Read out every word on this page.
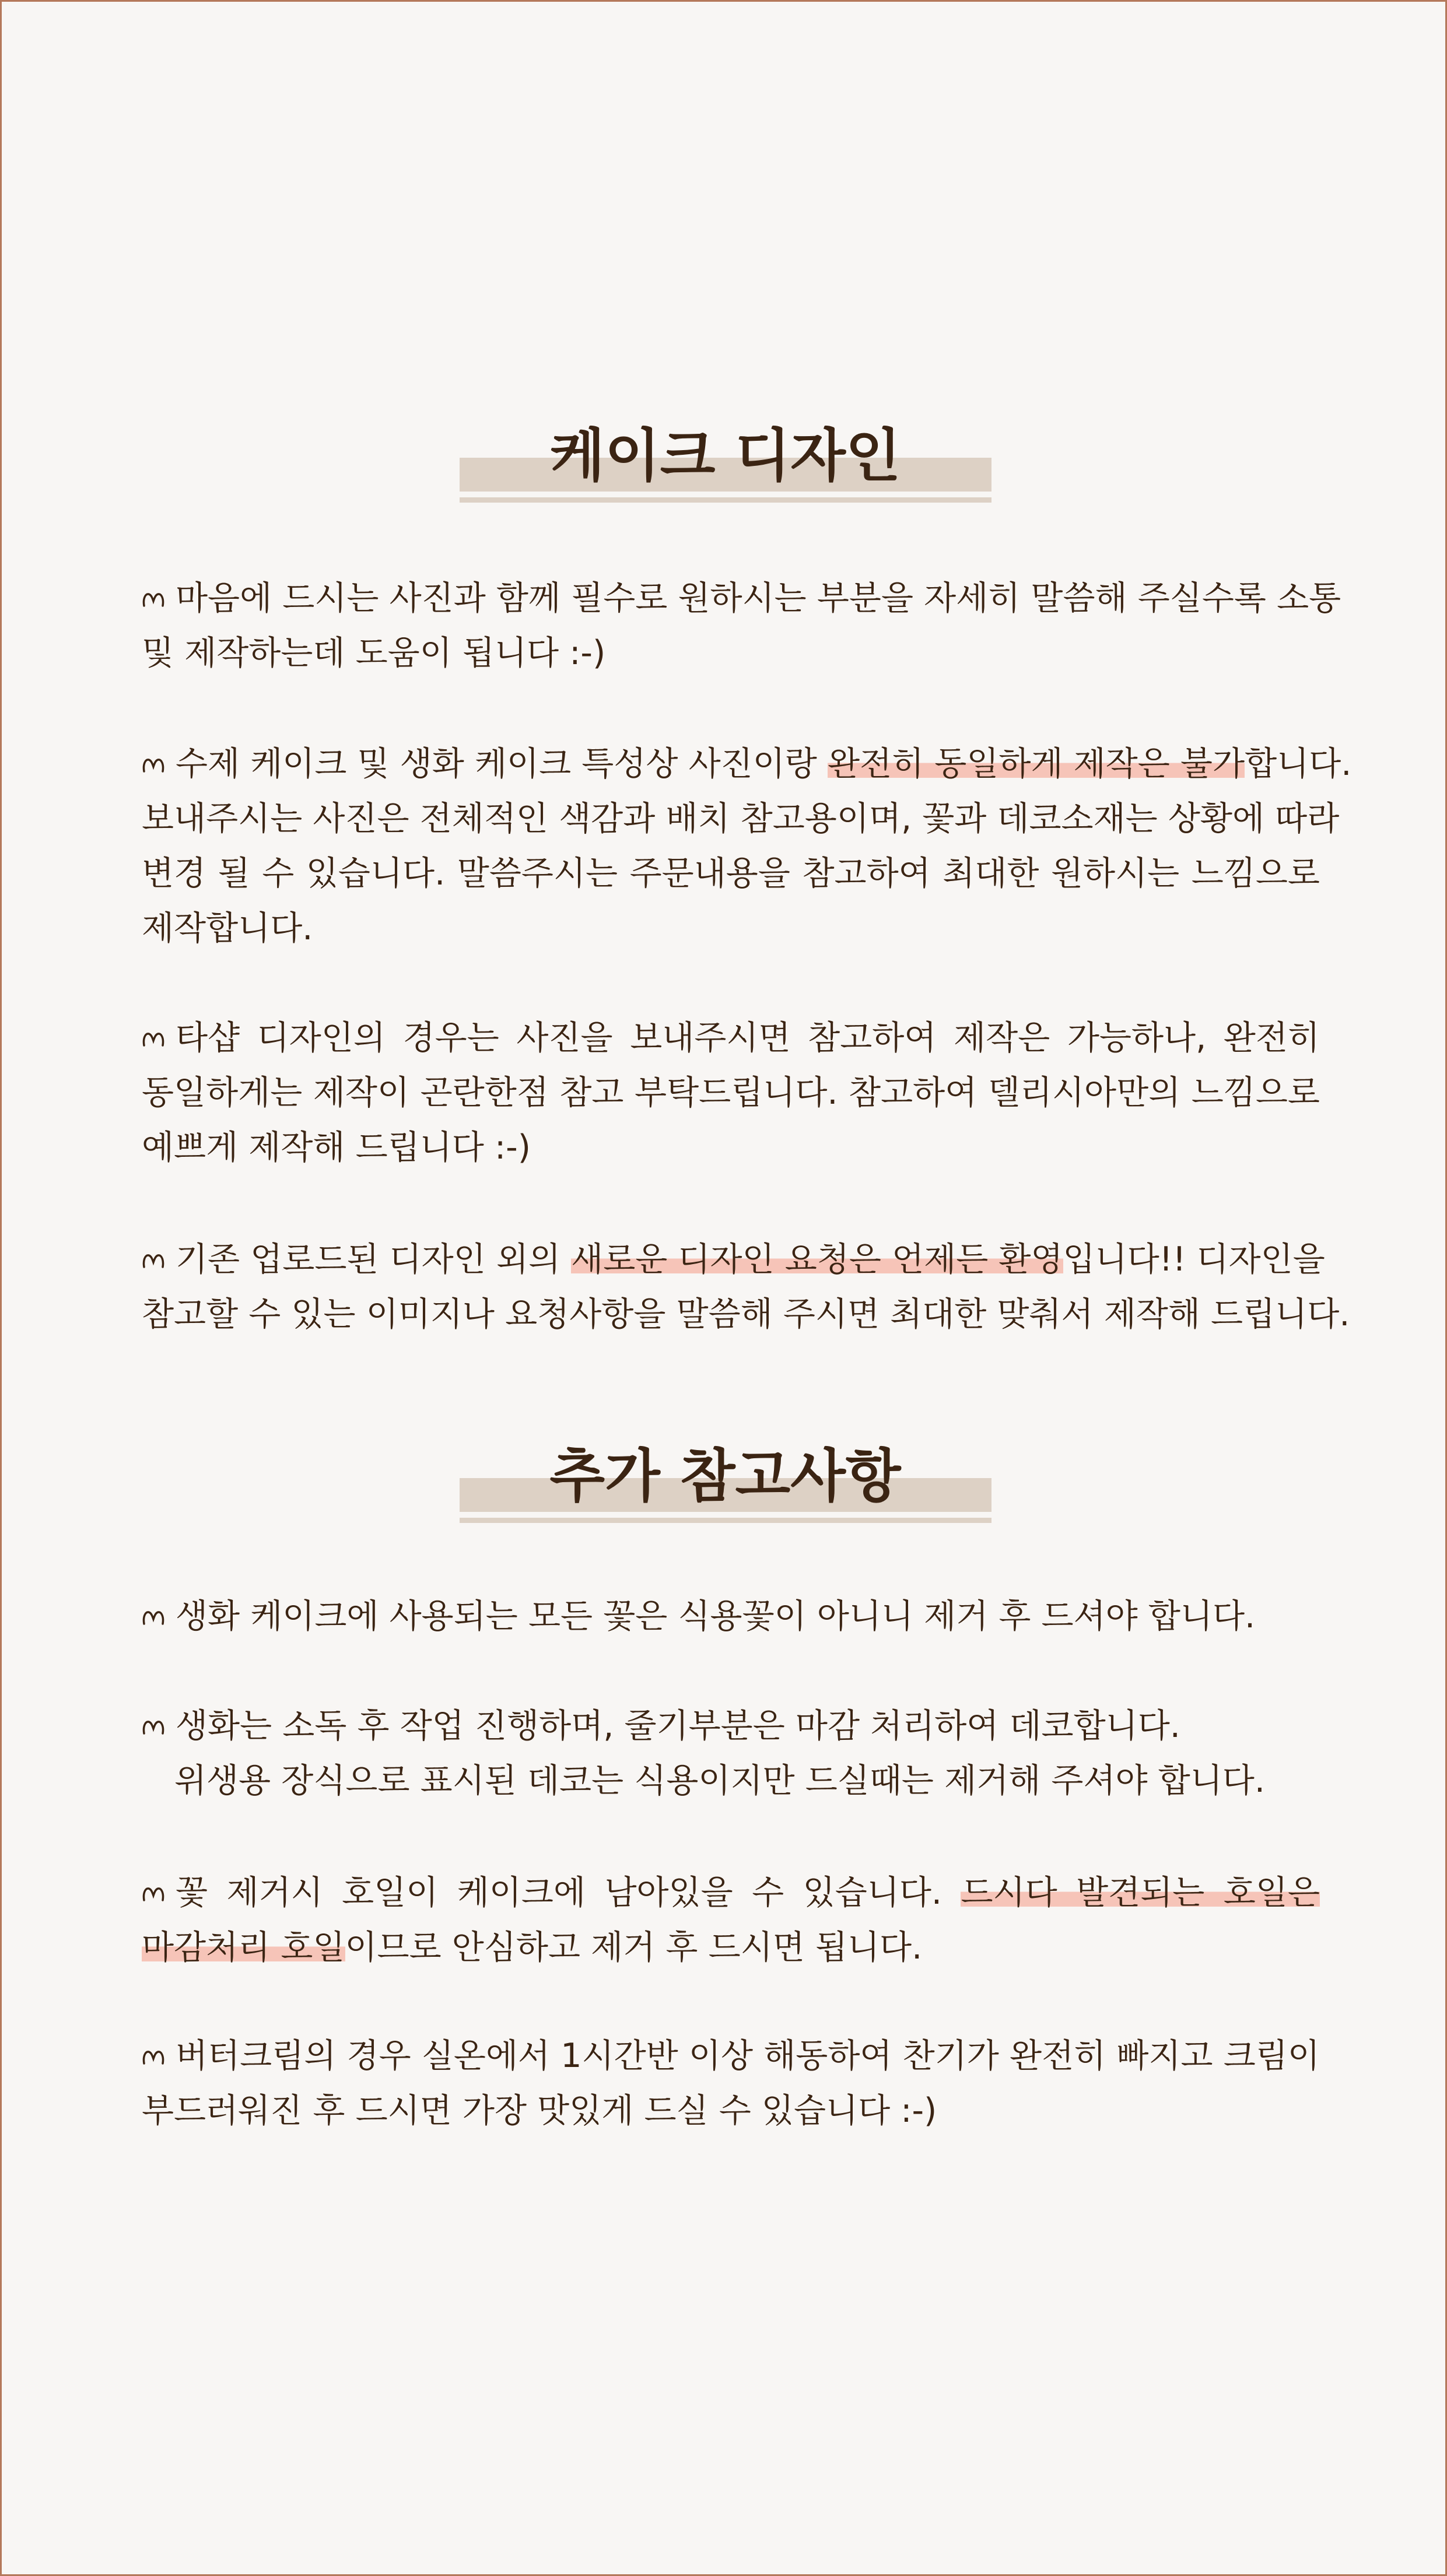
케이크 디자인
마음에 드시는 사진과 함께 필수로 원하시는 부분을 자세히 말씀해 주실수록 소통
및 제작하는데 도움이 됩니다 :-)
수제 케이크 및 생화 케이크 특성상 사진이랑 완전히 동일하게 제작은 불가합니다.
보내주시는 사진은 전체적인 색감과 배치 참고용이며, 꽃과 데코소재는 상황에 따라
변경 될 수 있습니다. 말씀주시는 주문내용을 참고하여 최대한 원하시는 느낌으로
제작합니다.
타샵 디자인의 경우는 사진을 보내주시면 참고하여 제작은 가능하나, 완전히
동일하게는 제작이 곤란한점 참고 부탁드립니다. 참고하여 델리시아만의 느낌으로
예쁘게 제작해 드립니다 :-)
기존 업로드된 디자인 외의 새로운 디자인 요청은 언제든 환영입니다!! 디자인을
참고할 수 있는 이미지나 요청사항을 말씀해 주시면 최대한 맞춰서 제작해 드립니다.
추가 참고사항
생화 케이크에 사용되는 모든 꽃은 식용꽃이 아니니 제거 후 드셔야 합니다.
생화는 소독 후 작업 진행하며, 줄기부분은 마감 처리하여 데코합니다.
위생용 장식으로 표시된 데코는 식용이지만 드실때는 제거해 주셔야 합니다.
꽃 제거시 호일이 케이크에 남아있을 수 있습니다. 드시다 발견되는 호일은
마감처리 호일이므로 안심하고 제거 후 드시면 됩니다.
버터크림의 경우 실온에서 1시간반 이상 해동하여 찬기가 완전히 빠지고 크림이
부드러워진 후 드시면 가장 맛있게 드실 수 있습니다 :-)
